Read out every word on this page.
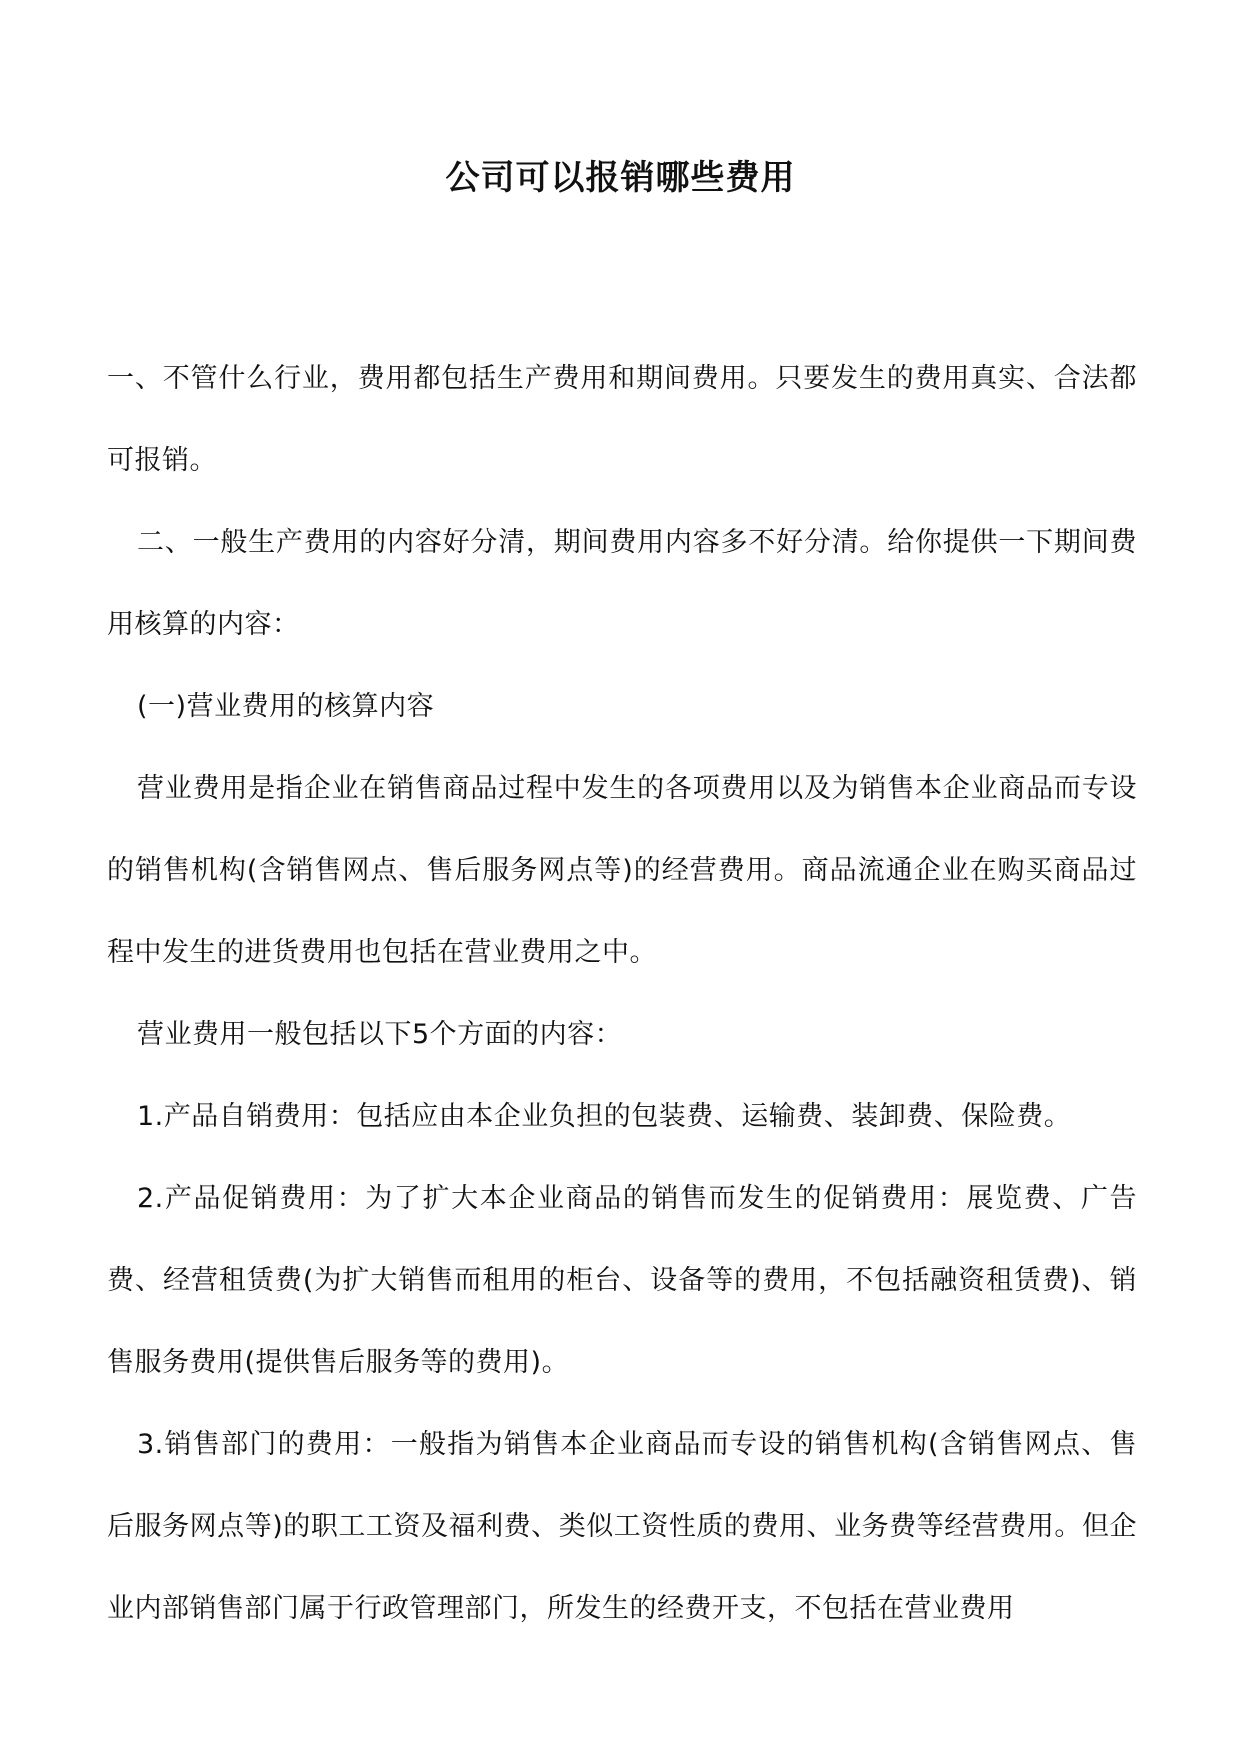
公司可以报销哪些费用

一、不管什么行业，费用都包括生产费用和期间费用。只要发生的费用真实、合法都可报销。

二、一般生产费用的内容好分清，期间费用内容多不好分清。给你提供一下期间费用核算的内容：

(一)营业费用的核算内容

营业费用是指企业在销售商品过程中发生的各项费用以及为销售本企业商品而专设的销售机构(含销售网点、售后服务网点等)的经营费用。商品流通企业在购买商品过程中发生的进货费用也包括在营业费用之中。

营业费用一般包括以下5个方面的内容：

1.产品自销费用：包括应由本企业负担的包装费、运输费、装卸费、保险费。

2.产品促销费用：为了扩大本企业商品的销售而发生的促销费用：展览费、广告费、经营租赁费(为扩大销售而租用的柜台、设备等的费用，不包括融资租赁费)、销售服务费用(提供售后服务等的费用)。

3.销售部门的费用：一般指为销售本企业商品而专设的销售机构(含销售网点、售后服务网点等)的职工工资及福利费、类似工资性质的费用、业务费等经营费用。但企业内部销售部门属于行政管理部门，所发生的经费开支，不包括在营业费用
